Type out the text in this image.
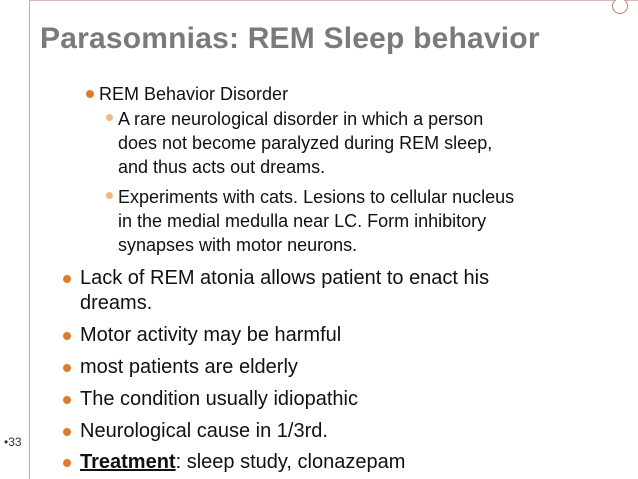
Parasomnias: REM Sleep behavior
REM Behavior Disorder
A rare neurological disorder in which a person
does not become paralyzed during REM sleep,
and thus acts out dreams.
Experiments with cats. Lesions to cellular nucleus
in the medial medulla near LC. Form inhibitory
synapses with motor neurons.
Lack of REM atonia allows patient to enact his
dreams.
Motor activity may be harmful
most patients are elderly
The condition usually idiopathic
Neurological cause in 1/3rd.
Treatment: sleep study, clonazepam
•33
